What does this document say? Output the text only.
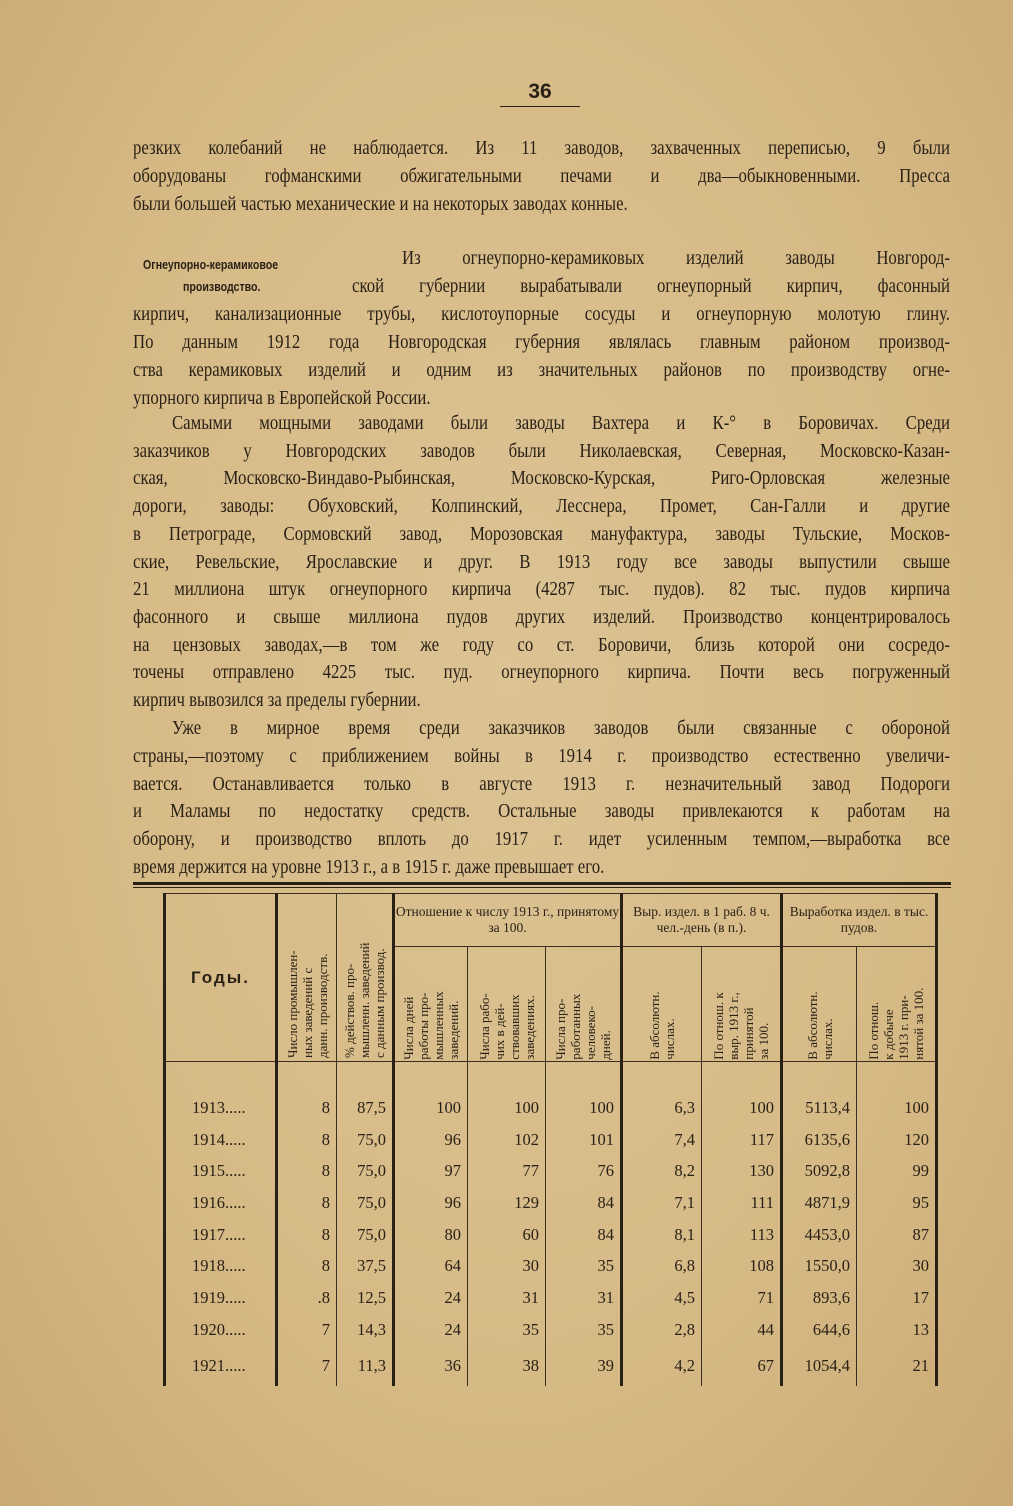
36
резких колебаний не наблюдается. Из 11 заводов, захваченных переписью, 9 были
оборудованы гофманскими обжигательными печами и два—обыкновенными. Пресса
были большей частью механические и на некоторых заводах конные.
Из огнеупорно-керамиковых изделий заводы Новгород-
ской губернии вырабатывали огнеупорный кирпич, фасонный
кирпич, канализационные трубы, кислотоупорные сосуды и огнеупорную молотую глину.
По данным 1912 года Новгородская губерния являлась главным районом производ-
ства керамиковых изделий и одним из значительных районов по производству огне-
упорного кирпича в Европейской России.
Самыми мощными заводами были заводы Вахтера и К-° в Боровичах. Среди
заказчиков у Новгородских заводов были Николаевская, Северная, Московско-Казан-
ская, Московско-Виндаво-Рыбинская, Московско-Курская, Риго-Орловская железные
дороги, заводы: Обуховский, Колпинский, Лесснера, Промет, Сан-Галли и другие
в Петрограде, Сормовский завод, Морозовская мануфактура, заводы Тульские, Москов-
ские, Ревельские, Ярославские и друг. В 1913 году все заводы выпустили свыше
21 миллиона штук огнеупорного кирпича (4287 тыс. пудов). 82 тыс. пудов кирпича
фасонного и свыше миллиона пудов других изделий. Производство концентрировалось
на цензовых заводах,—в том же году со ст. Боровичи, близь которой они сосредо-
точены отправлено 4225 тыс. пуд. огнеупорного кирпича. Почти весь погруженный
кирпич вывозился за пределы губернии.
Уже в мирное время среди заказчиков заводов были связанные с обороной
страны,—поэтому с приближением войны в 1914 г. производство естественно увеличи-
вается. Останавливается только в августе 1913 г. незначительный завод Подороги
и Маламы по недостатку средств. Остальные заводы привлекаются к работам на
оборону, и производство вплоть до 1917 г. идет усиленным темпом,—выработка все
время держится на уровне 1913 г., а в 1915 г. даже превышает его.
Огнеупорно-керамиковое
производство.
Годы.	Число промышлен-
ных заведений с
данн. производств.	% действов. про-
мышленн. заведений
с данным производ.	Отношение к числу 1913 г., принятому за 100.			Выр. издел. в 1 раб. 8 ч. чел.-день (в п.).		Выработка издел. в тыс. пудов.	
			Числа дней
работы про-
мышленных
заведений.	Числа рабо-
чих в дей-
ствовавших
заведениях.	Числа про-
работанных
человеко-
дней.	В абсолютн.
числах.	По отнош. к
выр. 1913 г.,
принятой
за 100.	В абсолютн.
числах.	По отнош.
к добыче
1913 г. при-
нятой за 100.

1913.....	8	87,5	100	100	100	6,3	100	5113,4	100
1914.....	8	75,0	96	102	101	7,4	117	6135,6	120
1915.....	8	75,0	97	77	76	8,2	130	5092,8	99
1916.....	8	75,0	96	129	84	7,1	111	4871,9	95
1917.....	8	75,0	80	60	84	8,1	113	4453,0	87
1918.....	8	37,5	64	30	35	6,8	108	1550,0	30
1919.....	.8	12,5	24	31	31	4,5	71	893,6	17
1920.....	7	14,3	24	35	35	2,8	44	644,6	13
1921.....	7	11,3	36	38	39	4,2	67	1054,4	21
